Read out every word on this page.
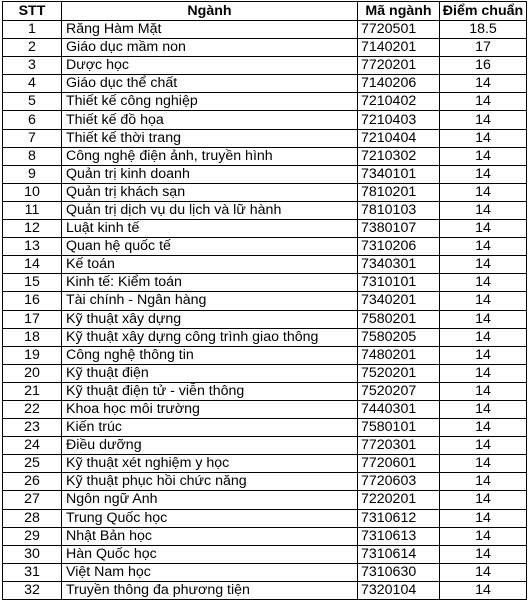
STT	Ngành	Mã ngành	Điểm chuẩn
1	Răng Hàm Mặt	7720501	18.5
2	Giáo dục mầm non	7140201	17
3	Dược học	7720201	16
4	Giáo dục thể chất	7140206	14
5	Thiết kế công nghiệp	7210402	14
6	Thiết kế đồ họa	7210403	14
7	Thiết kế thời trang	7210404	14
8	Công nghệ điện ảnh, truyền hình	7210302	14
9	Quản trị kinh doanh	7340101	14
10	Quản trị khách sạn	7810201	14
11	Quản trị dịch vụ du lịch và lữ hành	7810103	14
12	Luật kinh tế	7380107	14
13	Quan hệ quốc tế	7310206	14
14	Kế toán	7340301	14
15	Kinh tế: Kiểm toán	7310101	14
16	Tài chính - Ngân hàng	7340201	14
17	Kỹ thuật xây dựng	7580201	14
18	Kỹ thuật xây dựng công trình giao thông	7580205	14
19	Công nghệ thông tin	7480201	14
20	Kỹ thuật điện	7520201	14
21	Kỹ thuật điện tử - viễn thông	7520207	14
22	Khoa học môi trường	7440301	14
23	Kiến trúc	7580101	14
24	Điều dưỡng	7720301	14
25	Kỹ thuật xét nghiệm y học	7720601	14
26	Kỹ thuật phục hồi chức năng	7720603	14
27	Ngôn ngữ Anh	7220201	14
28	Trung Quốc học	7310612	14
29	Nhật Bản học	7310613	14
30	Hàn Quốc học	7310614	14
31	Việt Nam học	7310630	14
32	Truyền thông đa phương tiện	7320104	14
